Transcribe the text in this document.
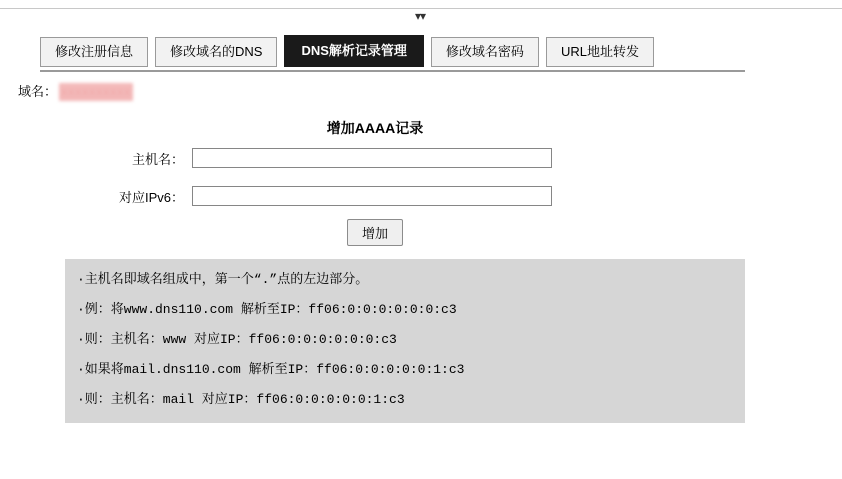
▾▾
修改注册信息	修改域名的DNS	DNS解析记录管理	修改域名密码	URL地址转发
域名： xxxxxxxxxx
增加AAAA记录
主机名：
对应IPv6：
增加
·主机名即域名组成中，第一个“.”点的左边部分。
·例：将www.dns110.com 解析至IP：ff06:0:0:0:0:0:0:c3
·则：主机名：www 对应IP：ff06:0:0:0:0:0:0:c3
·如果将mail.dns110.com 解析至IP：ff06:0:0:0:0:0:1:c3
·则：主机名：mail 对应IP：ff06:0:0:0:0:0:1:c3
